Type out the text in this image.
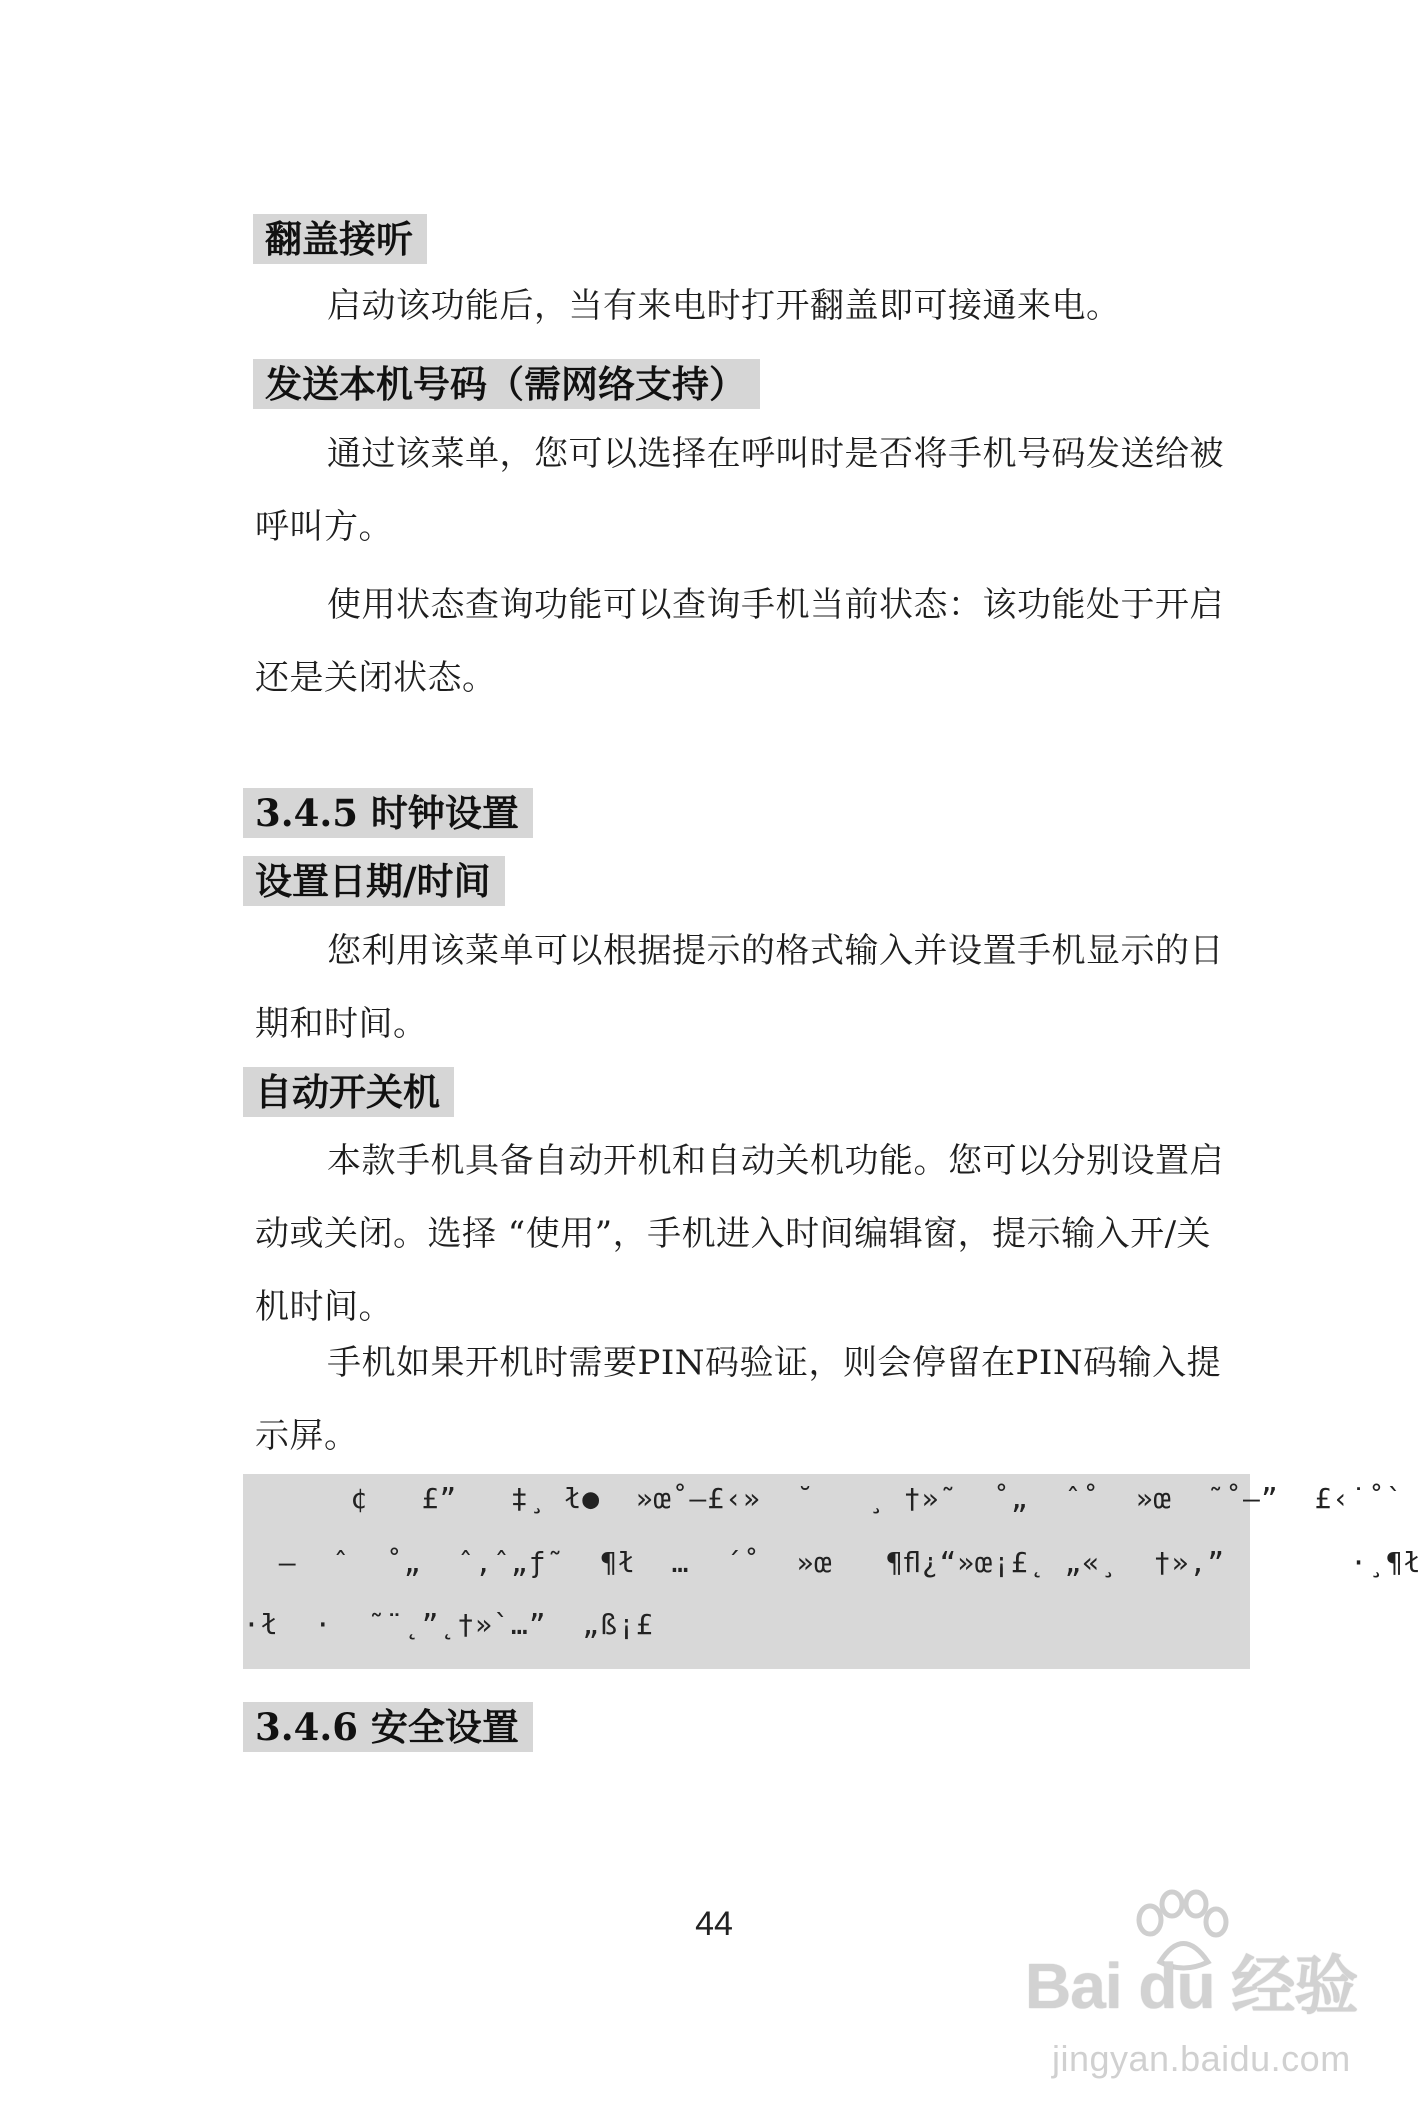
翻盖接听

启动该功能后，当有来电时打开翻盖即可接通来电。

发送本机号码（需网络支持）

通过该菜单，您可以选择在呼叫时是否将手机号码发送给被呼叫方。

使用状态查询功能可以查询手机当前状态：该功能处于开启还是关闭状态。

3.4.5 时钟设置
设置日期/时间

您利用该菜单可以根据提示的格式输入并设置手机显示的日期和时间。

自动开关机

本款手机具备自动开机和自动关机功能。您可以分别设置启动或关闭。选择 “使用”，手机进入时间编辑窗，提示输入开/关机时间。

手机如果开机时需要PIN码验证，则会停留在PIN码输入提示屏。

¢   £”   ‡¸ ł●  »œ˚–£‹»  ˘   ¸ †»˜  ˚„  ˆ˚  »œ  ˜˚–”  £‹˙˚`
–  ˆ  ˚„  ˆ‚ˆ„ƒ˜  ¶ł  …  ´˚  »œ   ¶ﬂ¿“»œ¡£˛ „«¸  †»‚”       ·¸¶ł
·ł  ·  ˜¨˛”˛†»`…”  „ß¡£
3.4.6 安全设置
44
Bai du 经验
jingyan.baidu.com
